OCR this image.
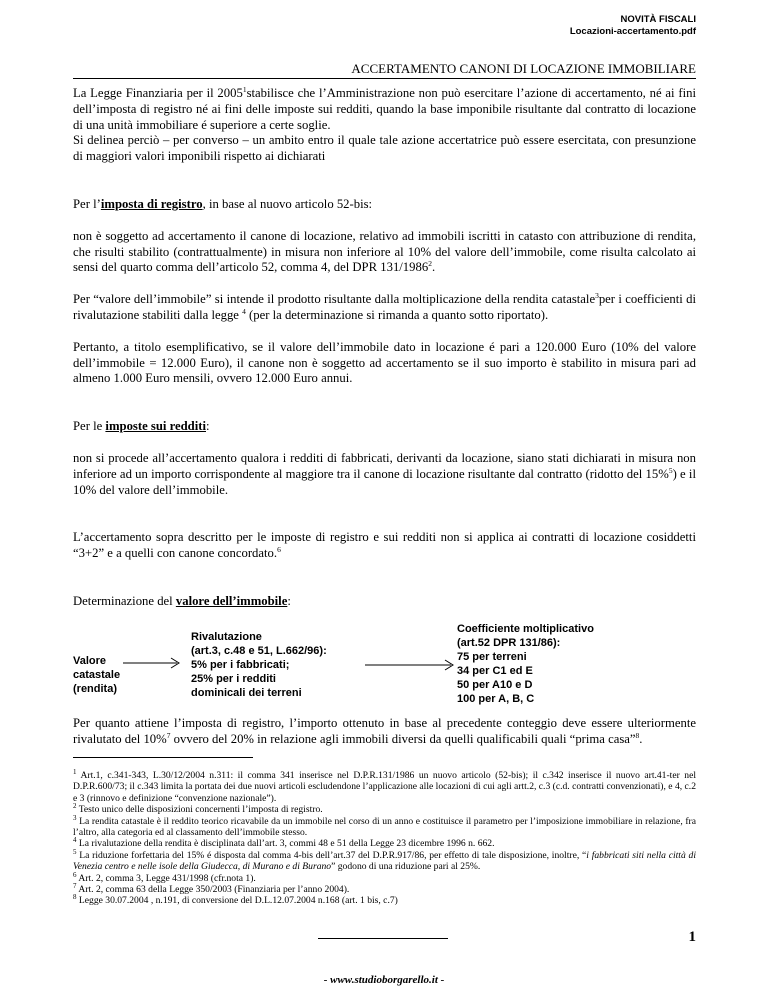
NOVITÀ FISCALI
Locazioni-accertamento.pdf
ACCERTAMENTO CANONI DI LOCAZIONE IMMOBILIARE

La Legge Finanziaria per il 2005$^1$stabilisce che l’Amministrazione non può esercitare l’azione di accertamento, né ai fini dell’imposta di registro né ai fini delle imposte sui redditi, quando la base imponibile risultante dal contratto di locazione di una unità immobiliare é superiore a certe soglie.

Si delinea perciò – per converso – un ambito entro il quale tale azione accertatrice può essere esercitata, con presunzione di maggiori valori imponibili rispetto ai dichiarati

Per l’imposta di registro, in base al nuovo articolo 52-bis:

non è soggetto ad accertamento il canone di locazione, relativo ad immobili iscritti in catasto con attribuzione di rendita, che risulti stabilito (contrattualmente) in misura non inferiore al 10% del valore dell’immobile, come risulta calcolato ai sensi del quarto comma dell’articolo 52, comma 4, del DPR 131/1986$^2$.

Per “valore dell’immobile” si intende il prodotto risultante dalla moltiplicazione della rendita catastale$^3$per i coefficienti di rivalutazione stabiliti dalla legge $^4$ (per la determinazione si rimanda a quanto sotto riportato).

Pertanto, a titolo esemplificativo, se il valore dell’immobile dato in locazione é pari a 120.000 Euro (10% del valore dell’immobile = 12.000 Euro), il canone non è soggetto ad accertamento se il suo importo è stabilito in misura pari ad almeno 1.000 Euro mensili, ovvero 12.000 Euro annui.

Per le imposte sui redditi:

non si procede all’accertamento qualora i redditi di fabbricati, derivanti da locazione, siano stati dichiarati in misura non inferiore ad un importo corrispondente al maggiore tra il canone di locazione risultante dal contratto (ridotto del 15%$^5$) e il 10% del valore dell’immobile.

L’accertamento sopra descritto per le imposte di registro e sui redditi non si applica ai contratti di locazione cosiddetti “3+2” e a quelli con canone concordato.$^6$

Determinazione del valore dell’immobile:

Valore
catastale
(rendita)
Rivalutazione
(art.3, c.48 e 51, L.662/96):
5% per i fabbricati;
25% per i redditi
dominicali dei terreni
Coefficiente moltiplicativo
(art.52 DPR 131/86):
75 per terreni
34 per C1 ed E
50 per A10 e D
100 per A, B, C

Per quanto attiene l’imposta di registro, l’importo ottenuto in base al precedente conteggio deve essere ulteriormente rivalutato del 10%$^7$ ovvero del 20% in relazione agli immobili diversi da quelli qualificabili quali “prima casa”$^8$.

$^1$ Art.1, c.341-343, L.30/12/2004 n.311: il comma 341 inserisce nel D.P.R.131/1986 un nuovo articolo (52-bis); il c.342 inserisce il nuovo art.41-ter nel D.P.R.600/73; il c.343 limita la portata dei due nuovi articoli escludendone l’applicazione alle locazioni di cui agli artt.2, c.3 (c.d. contratti convenzionati), e 4, c.2 e 3 (rinnovo e definizione “convenzione nazionale”).

$^2$ Testo unico delle disposizioni concernenti l’imposta di registro.

$^3$ La rendita catastale è il reddito teorico ricavabile da un immobile nel corso di un anno e costituisce il parametro per l’imposizione immobiliare in relazione, fra l’altro, alla categoria ed al classamento dell’immobile stesso.

$^4$ La rivalutazione della rendita è disciplinata dall’art. 3, commi 48 e 51 della Legge 23 dicembre 1996 n. 662.

$^5$ La riduzione forfettaria del 15% é disposta dal comma 4-bis dell’art.37 del D.P.R.917/86, per effetto di tale disposizione, inoltre, “i fabbricati siti nella città di Venezia centro e nelle isole della Giudecca, di Murano e di Burano” godono di una riduzione pari al 25%.

$^6$ Art. 2, comma 3, Legge 431/1998 (cfr.nota 1).

$^7$ Art. 2, comma 63 della Legge 350/2003 (Finanziaria per l’anno 2004).

$^8$ Legge 30.07.2004 , n.191, di conversione del D.L.12.07.2004 n.168 (art. 1 bis, c.7)

1
- www.studioborgarello.it -
